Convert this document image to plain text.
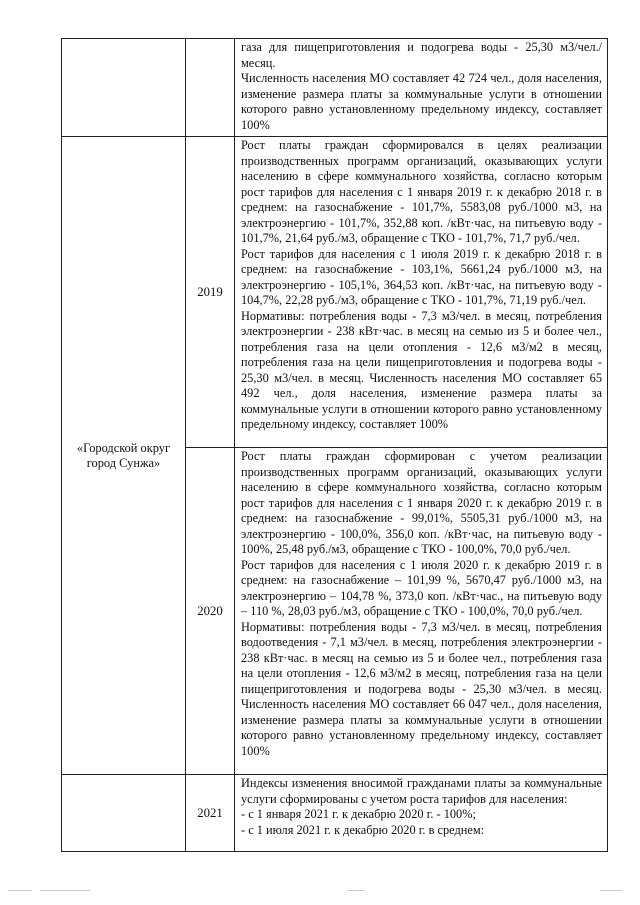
		газа для пищеприготовления и подогрева воды - 25,30 м3/чел./месяц.

Численность населения МО составляет 42 724 чел., доля населения, изменение размера платы за коммунальные услуги в отношении которого равно установленному предельному индексу, составляет 100%

«Городской округ город Сунжа»	2019	Рост платы граждан сформировался в целях реализации производственных программ организаций, оказывающих услуги населению в сфере коммунального хозяйства, согласно которым рост тарифов для населения с 1 января 2019 г. к декабрю 2018 г. в среднем: на газоснабжение - 101,7%, 5583,08 руб./1000 м3, на электроэнергию - 101,7%, 352,88 коп. /кВт·час, на питьевую воду - 101,7%, 21,64 руб./м3, обращение с ТКО - 101,7%, 71,7 руб./чел.

Рост тарифов для населения с 1 июля 2019 г. к декабрю 2018 г. в среднем: на газоснабжение - 103,1%, 5661,24 руб./1000 м3, на электроэнергию - 105,1%, 364,53 коп. /кВт·час, на питьевую воду - 104,7%, 22,28 руб./м3, обращение с ТКО - 101,7%, 71,19 руб./чел.

Нормативы: потребления воды - 7,3 м3/чел. в месяц, потребления электроэнергии - 238 кВт·час. в месяц на семью из 5 и более чел., потребления газа на цели отопления - 12,6 м3/м2 в месяц, потребления газа на цели пищеприготовления и подогрева воды - 25,30 м3/чел. в месяц. Численность населения МО составляет 65 492 чел., доля населения, изменение размера платы за коммунальные услуги в отношении которого равно установленному предельному индексу, составляет 100%

	2020	Рост платы граждан сформирован с учетом реализации производственных программ организаций, оказывающих услуги населению в сфере коммунального хозяйства, согласно которым рост тарифов для населения с 1 января 2020 г. к декабрю 2019 г. в среднем: на газоснабжение - 99,01%, 5505,31 руб./1000 м3, на электроэнергию - 100,0%, 356,0 коп. /кВт·час, на питьевую воду - 100%, 25,48 руб./м3, обращение с ТКО - 100,0%, 70,0 руб./чел.

Рост тарифов для населения с 1 июля 2020 г. к декабрю 2019 г. в среднем: на газоснабжение – 101,99 %, 5670,47 руб./1000 м3, на электроэнергию – 104,78 %, 373,0 коп. /кВт·час., на питьевую воду – 110 %, 28,03 руб./м3, обращение с ТКО - 100,0%, 70,0 руб./чел.

Нормативы: потребления воды - 7,3 м3/чел. в месяц, потребления водоотведения - 7,1 м3/чел. в месяц, потребления электроэнергии - 238 кВт·час. в месяц на семью из 5 и более чел., потребления газа на цели отопления - 12,6 м3/м2 в месяц, потребления газа на цели пищеприготовления и подогрева воды - 25,30 м3/чел. в месяц. Численность населения МО составляет 66 047 чел., доля населения, изменение размера платы за коммунальные услуги в отношении которого равно установленному предельному индексу, составляет 100%

	2021	Индексы изменения вносимой гражданами платы за коммунальные услуги сформированы с учетом роста тарифов для населения:

- с 1 января 2021 г. к декабрю 2020 г. - 100%;
- с 1 июля 2021 г. к декабрю 2020 г. в среднем:
